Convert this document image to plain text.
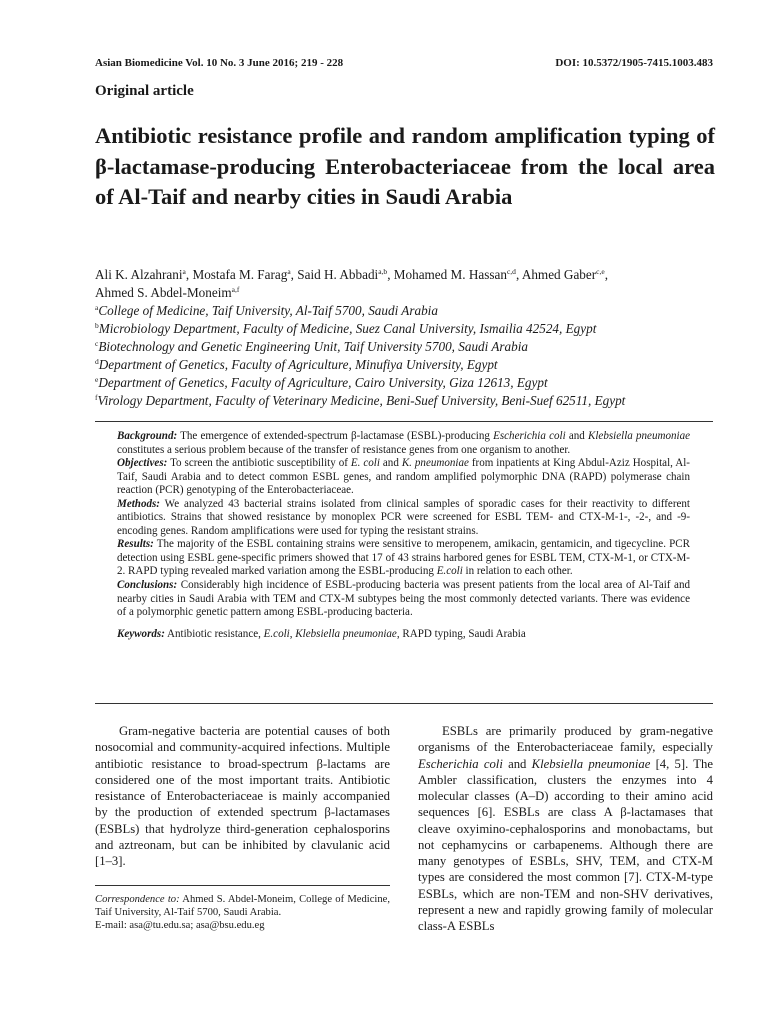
Asian Biomedicine Vol. 10 No. 3 June 2016; 219 - 228	DOI: 10.5372/1905-7415.1003.483
Original article
Antibiotic resistance profile and random amplification typing of β-lactamase-producing Enterobacteriaceae from the local area of Al-Taif and nearby cities in Saudi Arabia
Ali K. Alzahrani$^a$, Mostafa M. Farag$^a$, Said H. Abbadi$^{a,b}$, Mohamed M. Hassan$^{c,d}$, Ahmed Gaber$^{c,e}$,
Ahmed S. Abdel-Moneim$^{a,f}$
$^a$College of Medicine, Taif University, Al-Taif 5700, Saudi Arabia
$^b$Microbiology Department, Faculty of Medicine, Suez Canal University, Ismailia 42524, Egypt
$^c$Biotechnology and Genetic Engineering Unit, Taif University 5700, Saudi Arabia
$^d$Department of Genetics, Faculty of Agriculture, Minufiya University, Egypt
$^e$Department of Genetics, Faculty of Agriculture, Cairo University, Giza 12613, Egypt
$^f$Virology Department, Faculty of Veterinary Medicine, Beni-Suef University, Beni-Suef 62511, Egypt

Background: The emergence of extended-spectrum β-lactamase (ESBL)-producing Escherichia coli and Klebsiella pneumoniae constitutes a serious problem because of the transfer of resistance genes from one organism to another.

Objectives: To screen the antibiotic susceptibility of E. coli and K. pneumoniae from inpatients at King Abdul-Aziz Hospital, Al-Taif, Saudi Arabia and to detect common ESBL genes, and random amplified polymorphic DNA (RAPD) polymerase chain reaction (PCR) genotyping of the Enterobacteriaceae.

Methods: We analyzed 43 bacterial strains isolated from clinical samples of sporadic cases for their reactivity to different antibiotics. Strains that showed resistance by monoplex PCR were screened for ESBL TEM- and CTX-M-1-, -2-, and -9-encoding genes. Random amplifications were used for typing the resistant strains.

Results: The majority of the ESBL containing strains were sensitive to meropenem, amikacin, gentamicin, and tigecycline. PCR detection using ESBL gene-specific primers showed that 17 of 43 strains harbored genes for ESBL TEM, CTX-M-1, or CTX-M-2. RAPD typing revealed marked variation among the ESBL-producing E.coli in relation to each other.

Conclusions: Considerably high incidence of ESBL-producing bacteria was present patients from the local area of Al-Taif and nearby cities in Saudi Arabia with TEM and CTX-M subtypes being the most commonly detected variants. There was evidence of a polymorphic genetic pattern among ESBL-producing bacteria.

Keywords: Antibiotic resistance, E.coli, Klebsiella pneumoniae, RAPD typing, Saudi Arabia

Gram-negative bacteria are potential causes of both nosocomial and community-acquired infections. Multiple antibiotic resistance to broad-spectrum β-lactams are considered one of the most important traits. Antibiotic resistance of Enterobacteriaceae is mainly accompanied by the production of extended spectrum β-lactamases (ESBLs) that hydrolyze third-generation cephalosporins and aztreonam, but can be inhibited by clavulanic acid [1–3].

Correspondence to: Ahmed S. Abdel-Moneim, College of Medicine, Taif University, Al-Taif 5700, Saudi Arabia.
E-mail: asa@tu.edu.sa; asa@bsu.edu.eg

ESBLs are primarily produced by gram-negative organisms of the Enterobacteriaceae family, especially Escherichia coli and Klebsiella pneumoniae [4, 5]. The Ambler classification, clusters the enzymes into 4 molecular classes (A–D) according to their amino acid sequences [6]. ESBLs are class A β-lactamases that cleave oxyimino-cephalosporins and monobactams, but not cephamycins or carbapenems. Although there are many genotypes of ESBLs, SHV, TEM, and CTX-M types are considered the most common [7]. CTX-M-type ESBLs, which are non-TEM and non-SHV derivatives, represent a new and rapidly growing family of molecular class-A ESBLs
